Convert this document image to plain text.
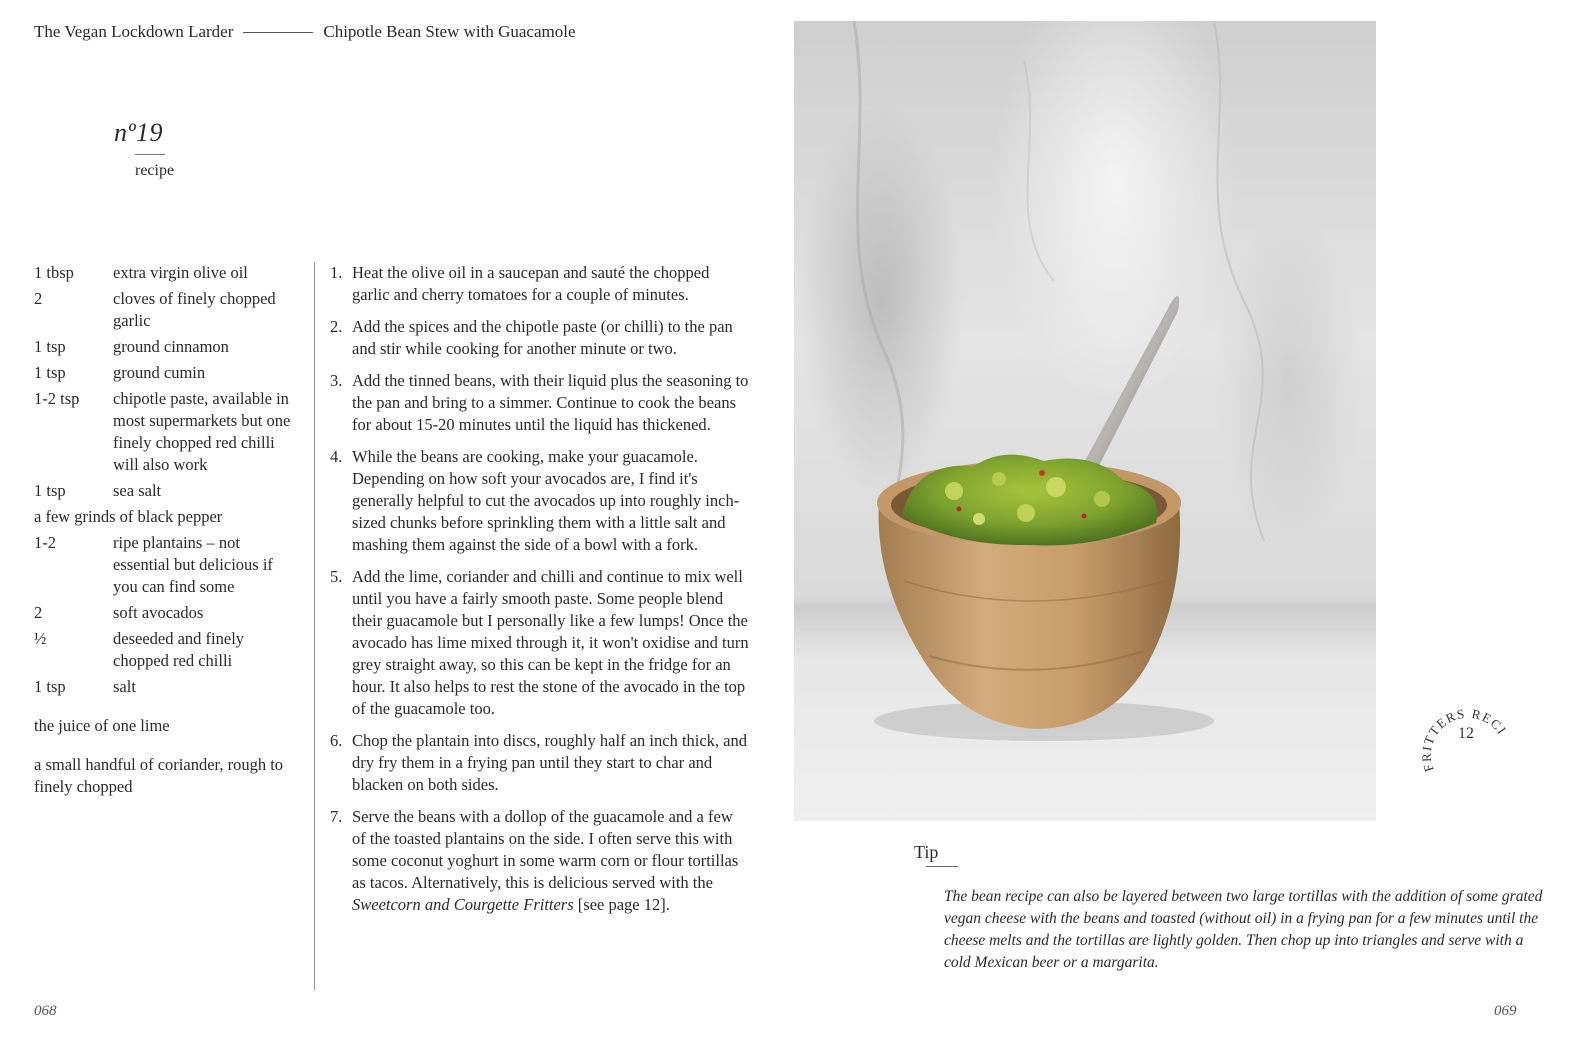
The Vegan Lockdown Larder	Chipotle Bean Stew with Guacamole
nº19
recipe
1 tbsp	extra virgin olive oil
2	cloves of finely chopped garlic
1 tsp	ground cinnamon
1 tsp	ground cumin
1-2 tsp	chipotle paste, available in most supermarkets but one finely chopped red chilli will also work
1 tsp	sea salt
a few grinds of black pepper
1-2	ripe plantains – not essential but delicious if you can find some
2	soft avocados
½	deseeded and finely chopped red chilli
1 tsp	salt
the juice of one lime
a small handful of coriander, rough to finely chopped
1. Heat the olive oil in a saucepan and sauté the chopped garlic and cherry tomatoes for a couple of minutes.
2. Add the spices and the chipotle paste (or chilli) to the pan and stir while cooking for another minute or two.
3. Add the tinned beans, with their liquid plus the seasoning to the pan and bring to a simmer. Continue to cook the beans for about 15-20 minutes until the liquid has thickened.
4. While the beans are cooking, make your guacamole. Depending on how soft your avocados are, I find it's generally helpful to cut the avocados up into roughly inch-sized chunks before sprinkling them with a little salt and mashing them against the side of a bowl with a fork.
5. Add the lime, coriander and chilli and continue to mix well until you have a fairly smooth paste. Some people blend their guacamole but I personally like a few lumps! Once the avocado has lime mixed through it, it won't oxidise and turn grey straight away, so this can be kept in the fridge for an hour. It also helps to rest the stone of the avocado in the top of the guacamole too.
6. Chop the plantain into discs, roughly half an inch thick, and dry fry them in a frying pan until they start to char and blacken on both sides.
7. Serve the beans with a dollop of the guacamole and a few of the toasted plantains on the side. I often serve this with some coconut yoghurt in some warm corn or flour tortillas as tacos. Alternatively, this is delicious served with the Sweetcorn and Courgette Fritters [see page 12].
068
FRITTERS RECI
12
Tip
The bean recipe can also be layered between two large tortillas with the addition of some grated vegan cheese with the beans and toasted (without oil) in a frying pan for a few minutes until the cheese melts and the tortillas are lightly golden. Then chop up into triangles and serve with a cold Mexican beer or a margarita.
069
